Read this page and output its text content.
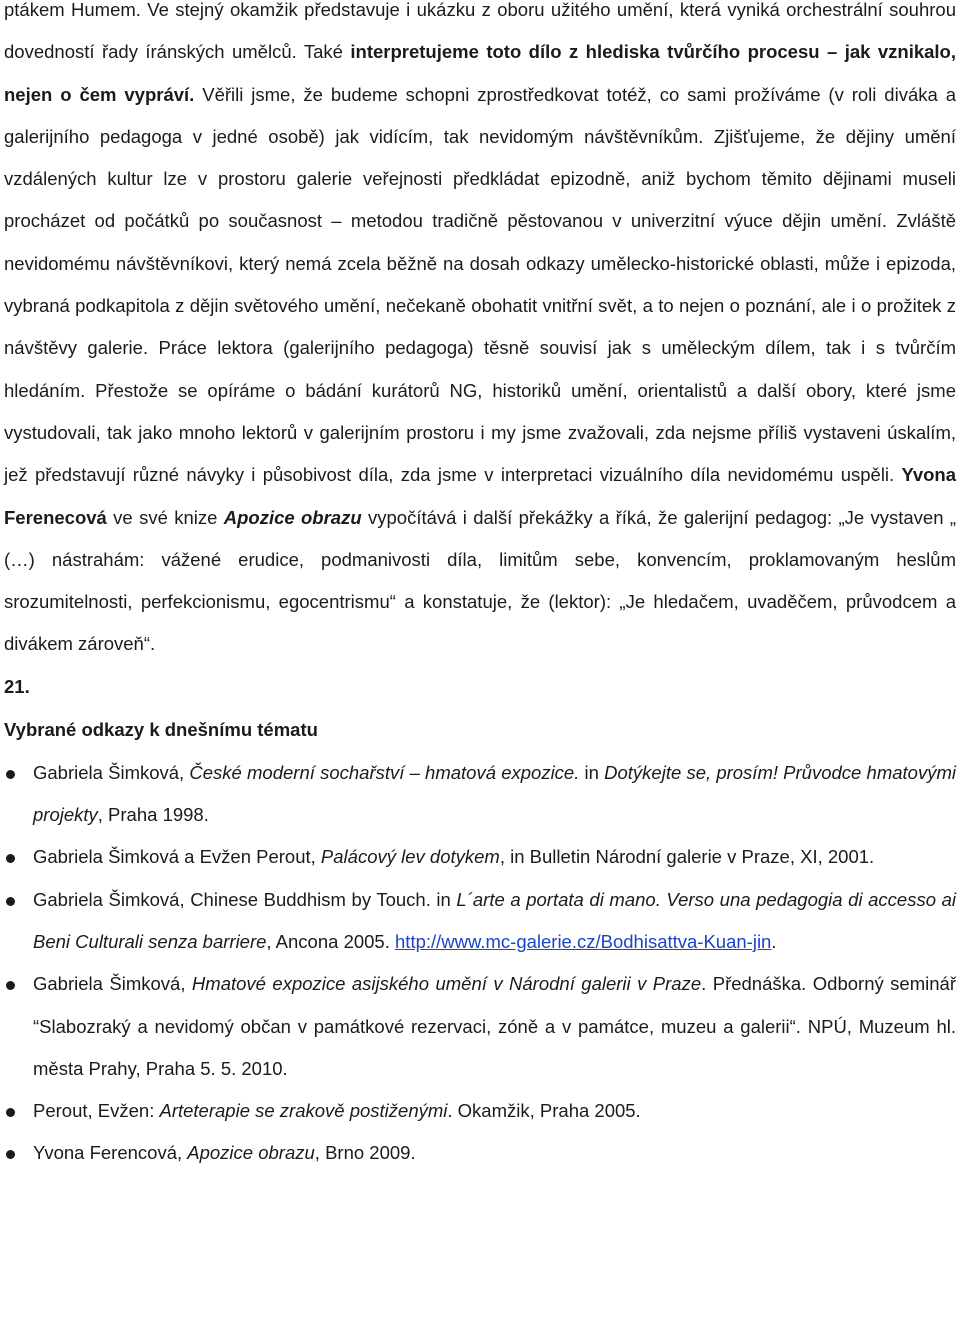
ptákem Humem. Ve stejný okamžik představuje i ukázku z oboru užitého umění, která vyniká orchestrální souhrou dovedností řady íránských umělců. Také interpretujeme toto dílo z hlediska tvůrčího procesu – jak vznikalo, nejen o čem vypráví. Věřili jsme, že budeme schopni zprostředkovat totéž, co sami prožíváme (v roli diváka a galerijního pedagoga v jedné osobě) jak vidícím, tak nevidomým návštěvníkům. Zjišťujeme, že dějiny umění vzdálených kultur lze v prostoru galerie veřejnosti předkládat epizodně, aniž bychom těmito dějinami museli procházet od počátků po současnost – metodou tradičně pěstovanou v univerzitní výuce dějin umění. Zvláště nevidomému návštěvníkovi, který nemá zcela běžně na dosah odkazy umělecko-historické oblasti, může i epizoda, vybraná podkapitola z dějin světového umění, nečekaně obohatit vnitřní svět, a to nejen o poznání, ale i o prožitek z návštěvy galerie. Práce lektora (galerijního pedagoga) těsně souvisí jak s uměleckým dílem, tak i s tvůrčím hledáním. Přestože se opíráme o bádání kurátorů NG, historiků umění, orientalistů a další obory, které jsme vystudovali, tak jako mnoho lektorů v galerijním prostoru i my jsme zvažovali, zda nejsme příliš vystaveni úskalím, jež představují různé návyky i působivost díla, zda jsme v interpretaci vizuálního díla nevidomému uspěli. Yvona Ferenecová ve své knize Apozice obrazu vypočítává i další překážky a říká, že galerijní pedagog: „Je vystaven „ (…) nástrahám: vážené erudice, podmanivosti díla, limitům sebe, konvencím, proklamovaným heslům srozumitelnosti, perfekcionismu, egocentrismu“ a konstatuje, že (lektor): „Je hledačem, uvaděčem, průvodcem a divákem zároveň“.

21.
Vybrané odkazy k dnešnímu tématu
Gabriela Šimková, České moderní sochařství – hmatová expozice. in Dotýkejte se, prosím! Průvodce hmatovými projekty, Praha 1998.
Gabriela Šimková a Evžen Perout, Palácový lev dotykem, in Bulletin Národní galerie v Praze, XI, 2001.
Gabriela Šimková, Chinese Buddhism by Touch. in L´arte a portata di mano. Verso una pedagogia di accesso ai Beni Culturali senza barriere, Ancona 2005. http://www.mc-galerie.cz/Bodhisattva-Kuan-jin.
Gabriela Šimková, Hmatové expozice asijského umění v Národní galerii v Praze. Přednáška. Odborný seminář “Slabozraký a nevidomý občan v památkové rezervaci, zóně a v památce, muzeu a galerii“. NPÚ, Muzeum hl. města Prahy, Praha 5. 5. 2010.
Perout, Evžen: Arteterapie se zrakově postiženými. Okamžik, Praha 2005.
Yvona Ferencová, Apozice obrazu, Brno 2009.
